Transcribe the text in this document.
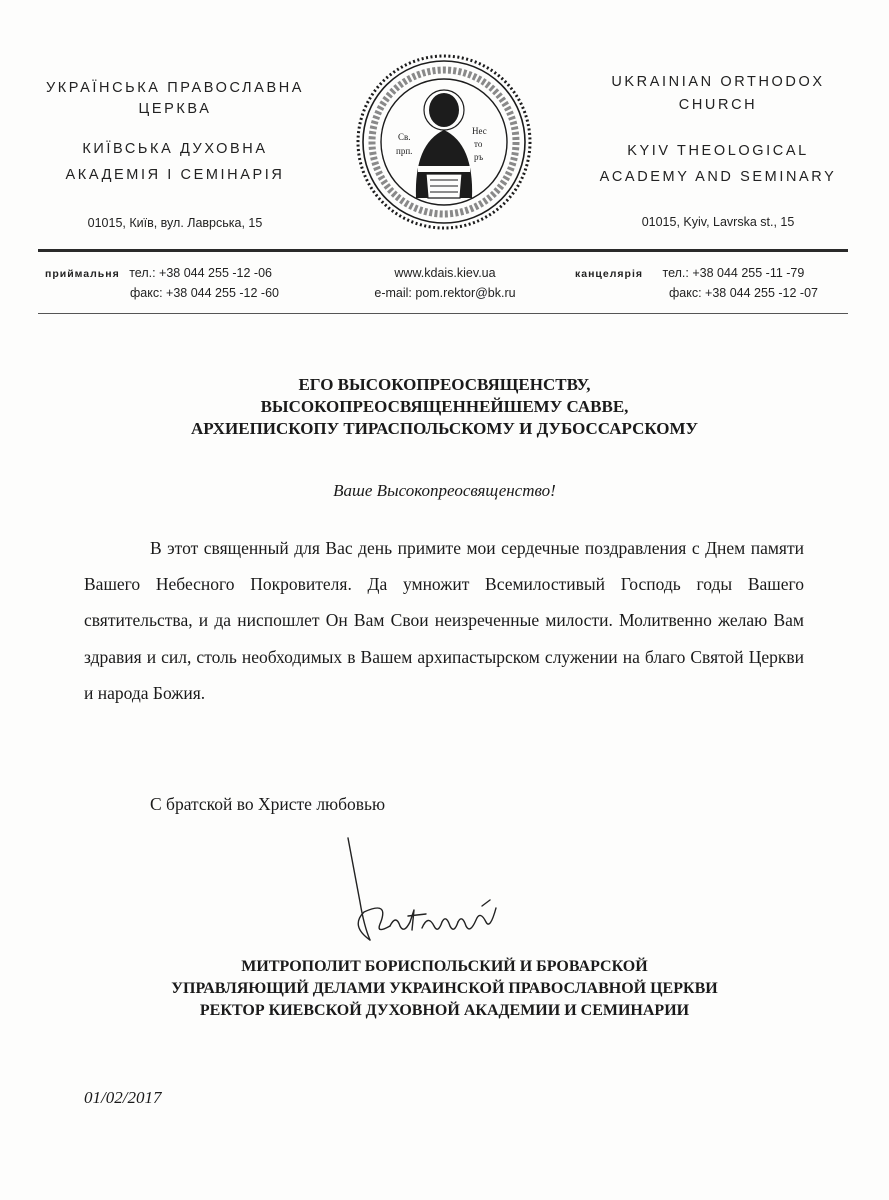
УКРАЇНСЬКА ПРАВОСЛАВНА
ЦЕРКВА
КИЇВСЬКА ДУХОВНА
АКАДЕМІЯ І СЕМІНАРІЯ
01015, Київ, вул. Лаврська, 15
Св.
прп.
Нес
то
ръ
UKRAINIAN ORTHODOX
CHURCH
KYIV THEOLOGICAL
ACADEMY AND SEMINARY
01015, Kyiv, Lavrska st., 15
приймальня тел.: +38 044 255 -12 -06
факс: +38 044 255 -12 -60
www.kdais.kiev.ua
e-mail: pom.rektor@bk.ru
канцелярія тел.: +38 044 255 -11 -79
факс: +38 044 255 -12 -07
ЕГО ВЫСОКОПРЕОСВЯЩЕНСТВУ,
ВЫСОКОПРЕОСВЯЩЕННЕЙШЕМУ САВВЕ,
АРХИЕПИСКОПУ ТИРАСПОЛЬСКОМУ И ДУБОССАРСКОМУ
Ваше Высокопреосвященство!
В этот священный для Вас день примите мои сердечные поздравления с Днем памяти Вашего Небесного Покровителя. Да умножит Всемилостивый Господь годы Вашего святительства, и да ниспошлет Он Вам Свои неизреченные милости. Молитвенно желаю Вам здравия и сил, столь необходимых в Вашем архипастырском служении на благо Святой Церкви и народа Божия.
С братской во Христе любовью
МИТРОПОЛИТ БОРИСПОЛЬСКИЙ И БРОВАРСКОЙ
УПРАВЛЯЮЩИЙ ДЕЛАМИ УКРАИНСКОЙ ПРАВОСЛАВНОЙ ЦЕРКВИ
РЕКТОР КИЕВСКОЙ ДУХОВНОЙ АКАДЕМИИ И СЕМИНАРИИ
01/02/2017
